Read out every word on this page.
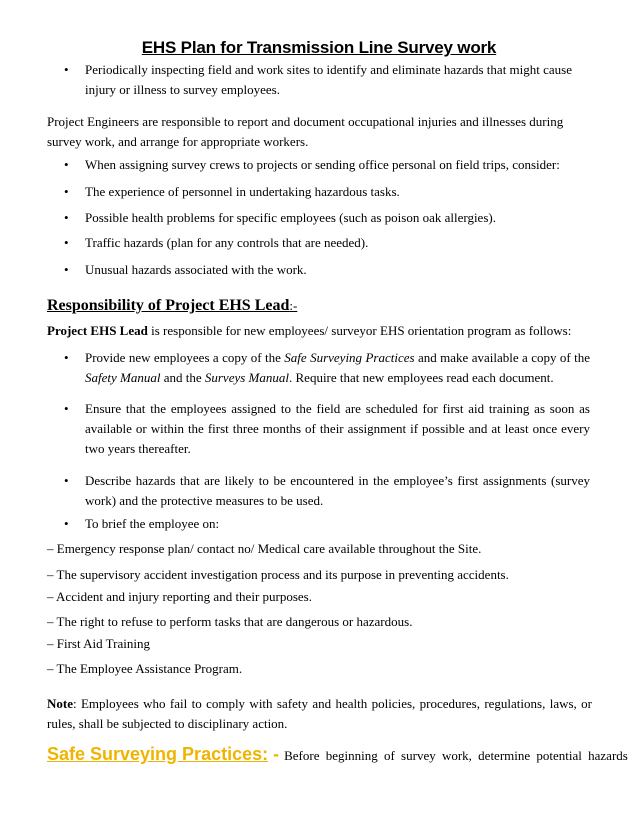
EHS Plan for Transmission Line Survey work
• Periodically inspecting field and work sites to identify and eliminate hazards that might cause injury or illness to survey employees.
Project Engineers are responsible to report and document occupational injuries and illnesses during survey work, and arrange for appropriate workers.
• When assigning survey crews to projects or sending office personal on field trips, consider:
• The experience of personnel in undertaking hazardous tasks.
• Possible health problems for specific employees (such as poison oak allergies).
• Traffic hazards (plan for any controls that are needed).
• Unusual hazards associated with the work.
Responsibility of Project EHS Lead:-
Project EHS Lead is responsible for new employees/ surveyor EHS orientation program as follows:
• Provide new employees a copy of the Safe Surveying Practices and make available a copy of the Safety Manual and the Surveys Manual. Require that new employees read each document.
• Ensure that the employees assigned to the field are scheduled for first aid training as soon as available or within the first three months of their assignment if possible and at least once every two years thereafter.
• Describe hazards that are likely to be encountered in the employee’s first assignments (survey work) and the protective measures to be used.
• To brief the employee on:
– Emergency response plan/ contact no/ Medical care available throughout the Site.
– The supervisory accident investigation process and its purpose in preventing accidents.
– Accident and injury reporting and their purposes.
– The right to refuse to perform tasks that are dangerous or hazardous.
– First Aid Training
– The Employee Assistance Program.
Note: Employees who fail to comply with safety and health policies, procedures, regulations, laws, or rules, shall be subjected to disciplinary action.
Safe Surveying Practices: - Before beginning of survey work, determine potential hazards
